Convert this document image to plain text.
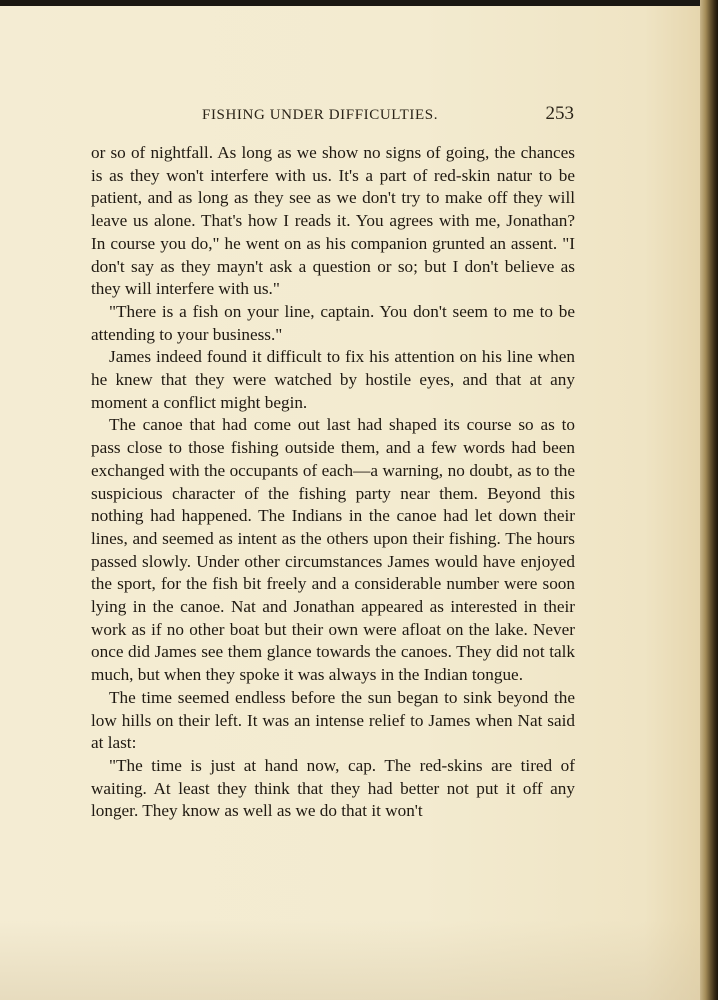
FISHING UNDER DIFFICULTIES.	253

or so of nightfall. As long as we show no signs of going, the chances is as they won't interfere with us. It's a part of red-skin natur to be patient, and as long as they see as we don't try to make off they will leave us alone. That's how I reads it. You agrees with me, Jonathan? In course you do," he went on as his companion grunted an assent. "I don't say as they mayn't ask a question or so; but I don't believe as they will interfere with us."

"There is a fish on your line, captain. You don't seem to me to be attending to your business."

James indeed found it difficult to fix his attention on his line when he knew that they were watched by hostile eyes, and that at any moment a conflict might begin.

The canoe that had come out last had shaped its course so as to pass close to those fishing outside them, and a few words had been exchanged with the occupants of each—a warning, no doubt, as to the suspicious character of the fishing party near them. Beyond this nothing had happened. The Indians in the canoe had let down their lines, and seemed as intent as the others upon their fishing. The hours passed slowly. Under other circumstances James would have enjoyed the sport, for the fish bit freely and a considerable number were soon lying in the canoe. Nat and Jonathan appeared as interested in their work as if no other boat but their own were afloat on the lake. Never once did James see them glance towards the canoes. They did not talk much, but when they spoke it was always in the Indian tongue.

The time seemed endless before the sun began to sink beyond the low hills on their left. It was an intense relief to James when Nat said at last:

"The time is just at hand now, cap. The red-skins are tired of waiting. At least they think that they had better not put it off any longer. They know as well as we do that it won't
